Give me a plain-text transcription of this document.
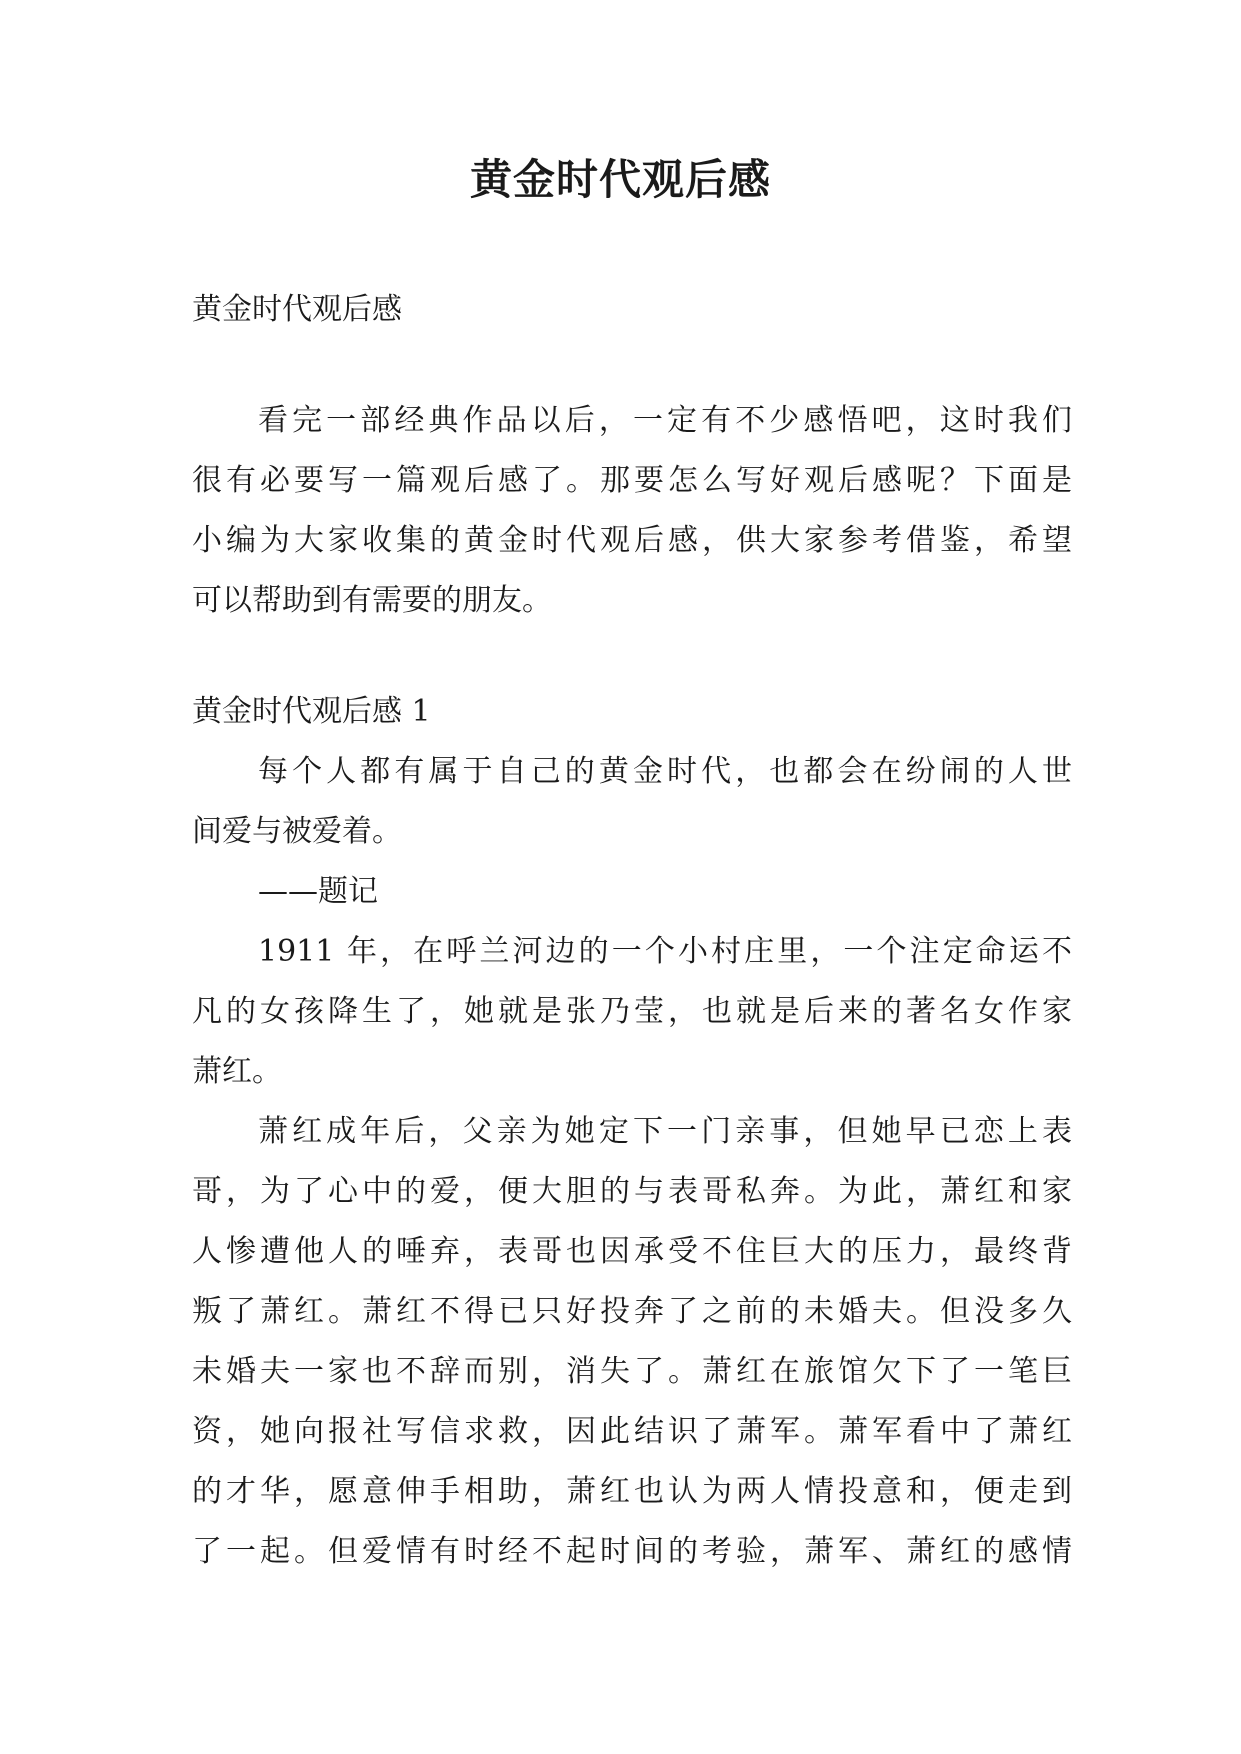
黄金时代观后感
黄金时代观后感
看完一部经典作品以后，一定有不少感悟吧，这时我们
很有必要写一篇观后感了。那要怎么写好观后感呢？下面是
小编为大家收集的黄金时代观后感，供大家参考借鉴，希望
可以帮助到有需要的朋友。
黄金时代观后感 1
每个人都有属于自己的黄金时代，也都会在纷闹的人世
间爱与被爱着。
——题记
1911 年，在呼兰河边的一个小村庄里，一个注定命运不
凡的女孩降生了，她就是张乃莹，也就是后来的著名女作家
萧红。
萧红成年后，父亲为她定下一门亲事，但她早已恋上表
哥，为了心中的爱，便大胆的与表哥私奔。为此，萧红和家
人惨遭他人的唾弃，表哥也因承受不住巨大的压力，最终背
叛了萧红。萧红不得已只好投奔了之前的未婚夫。但没多久
未婚夫一家也不辞而别，消失了。萧红在旅馆欠下了一笔巨
资，她向报社写信求救，因此结识了萧军。萧军看中了萧红
的才华，愿意伸手相助，萧红也认为两人情投意和，便走到
了一起。但爱情有时经不起时间的考验，萧军、萧红的感情
